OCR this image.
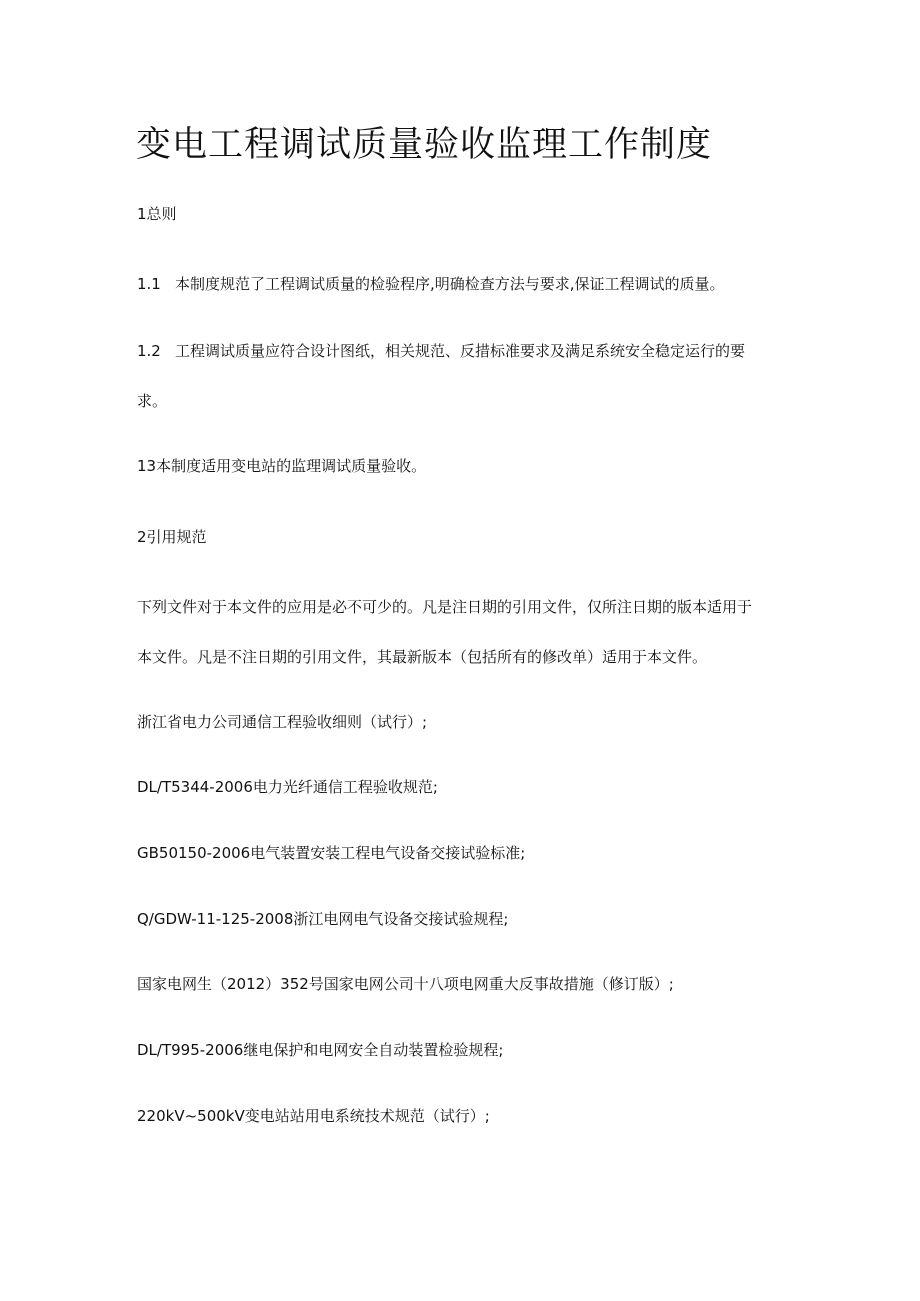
变电工程调试质量验收监理工作制度
1总则
1.1 本制度规范了工程调试质量的检验程序,明确检查方法与要求,保证工程调试的质量。
1.2 工程调试质量应符合设计图纸，相关规范、反措标准要求及满足系统安全稳定运行的要
求。
13本制度适用变电站的监理调试质量验收。
2引用规范
下列文件对于本文件的应用是必不可少的。凡是注日期的引用文件，仅所注日期的版本适用于
本文件。凡是不注日期的引用文件，其最新版本（包括所有的修改单）适用于本文件。
浙江省电力公司通信工程验收细则（试行）;
DL/T5344-2006电力光纤通信工程验收规范;
GB50150-2006电气装置安装工程电气设备交接试验标准;
Q/GDW-11-125-2008浙江电网电气设备交接试验规程;
国家电网生（2012）352号国家电网公司十八项电网重大反事故措施（修订版）;
DL/T995-2006继电保护和电网安全自动装置检验规程;
220kV~500kV变电站站用电系统技术规范（试行）;
